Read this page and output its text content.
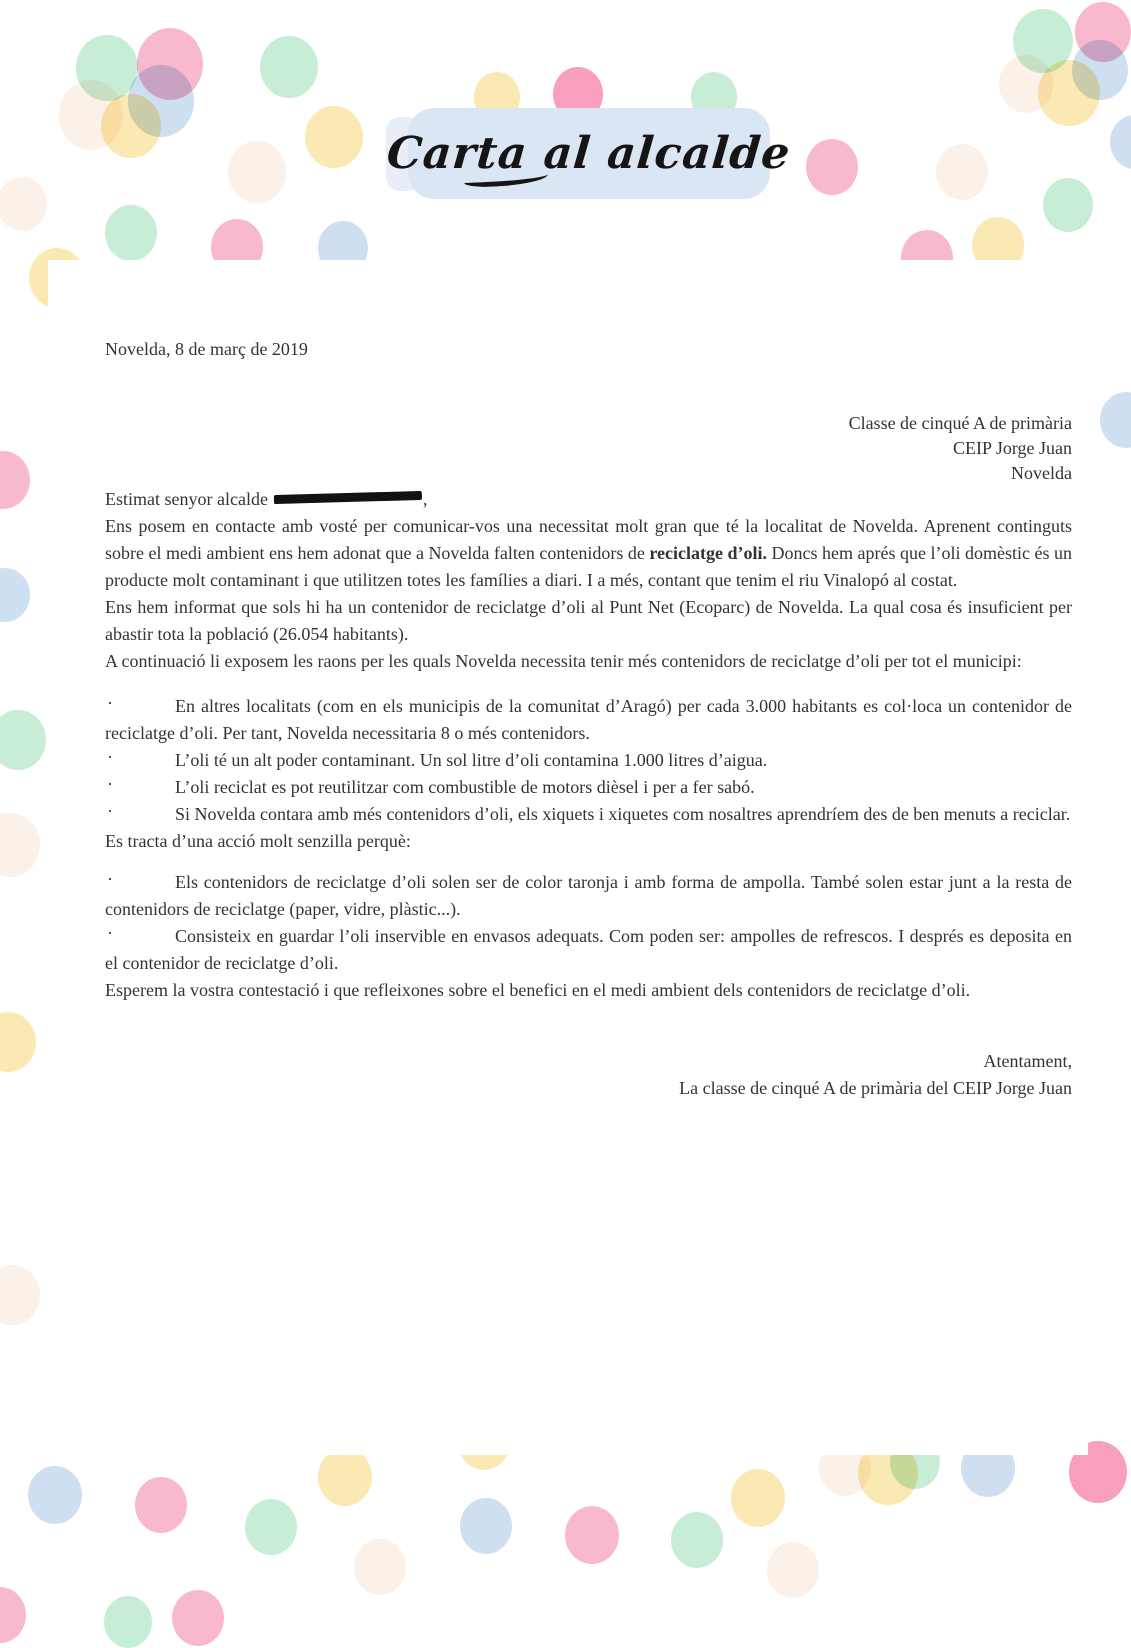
Carta al alcalde

Novelda, 8 de març de 2019

Classe de cinqué A de primària

CEIP Jorge Juan

Novelda

Estimat senyor alcalde	,

Ens posem en contacte amb vosté per comunicar-vos una necessitat molt gran que té la localitat de Novelda. Aprenent continguts sobre el medi ambient ens hem adonat que a Novelda falten contenidors de reciclatge d’oli. Doncs hem aprés que l’oli domèstic és un producte molt contaminant i que utilitzen totes les famílies a diari. I a més, contant que tenim el riu Vinalopó al costat.

Ens hem informat que sols hi ha un contenidor de reciclatge d’oli al Punt Net (Ecoparc) de Novelda. La qual cosa és insuficient per abastir tota la població (26.054 habitants).

A continuació li exposem les raons per les quals Novelda necessita tenir més contenidors de reciclatge d’oli per tot el municipi:

·	En altres localitats (com en els municipis de la comunitat d’Aragó) per cada 3.000 habitants es col·loca un contenidor de reciclatge d’oli. Per tant, Novelda necessitaria 8 o més contenidors.

·	L’oli té un alt poder contaminant. Un sol litre d’oli contamina 1.000 litres d’aigua.

·	L’oli reciclat es pot reutilitzar com combustible de motors dièsel i per a fer sabó.

·	Si Novelda contara amb més contenidors d’oli, els xiquets i xiquetes com nosaltres aprendríem des de ben menuts a reciclar.

Es tracta d’una acció molt senzilla perquè:

·	Els contenidors de reciclatge d’oli solen ser de color taronja i amb forma de ampolla. També solen estar junt a la resta de contenidors de reciclatge (paper, vidre, plàstic...).

·	Consisteix en guardar l’oli inservible en envasos adequats. Com poden ser: ampolles de refrescos. I després es deposita en el contenidor de reciclatge d’oli.

Esperem la vostra contestació i que refleixones sobre el benefici en el medi ambient dels contenidors de reciclatge d’oli.

Atentament,

La classe de cinqué A de primària del CEIP Jorge Juan
